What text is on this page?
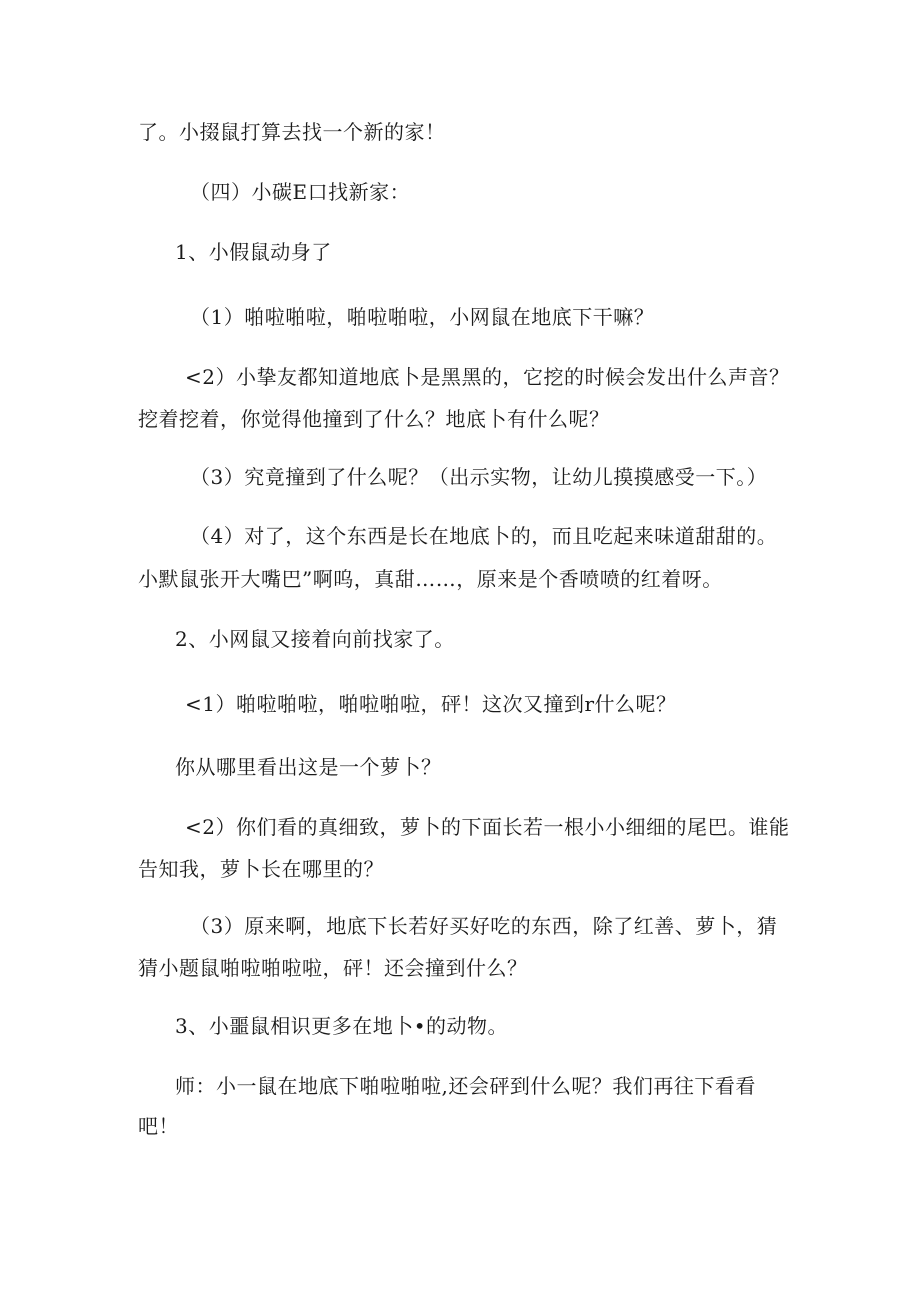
了。小掇鼠打算去找一个新的家！
（四）小碳E口找新家：
1、小假鼠动身了
（1）啪啦啪啦，啪啦啪啦，小网鼠在地底下干嘛？
<2）小挚友都知道地底卜是黑黑的，它挖的时候会发出什么声音？
挖着挖着，你觉得他撞到了什么？地底卜有什么呢？
（3）究竟撞到了什么呢？（出示实物，让幼儿摸摸感受一下。）
（4）对了，这个东西是长在地底卜的，而且吃起来味道甜甜的。
小默鼠张开大嘴巴”啊呜，真甜……，原来是个香喷喷的红着呀。
2、小网鼠又接着向前找家了。
<1）啪啦啪啦，啪啦啪啦，砰！这次又撞到r什么呢？
你从哪里看出这是一个萝卜？
<2）你们看的真细致，萝卜的下面长若一根小小细细的尾巴。谁能
告知我，萝卜长在哪里的？
（3）原来啊，地底下长若好买好吃的东西，除了红善、萝卜，猜
猜小题鼠啪啦啪啦啦，砰！还会撞到什么？
3、小噩鼠相识更多在地卜•的动物。
师：小一鼠在地底下啪啦啪啦,还会砰到什么呢？我们再往下看看
吧！
